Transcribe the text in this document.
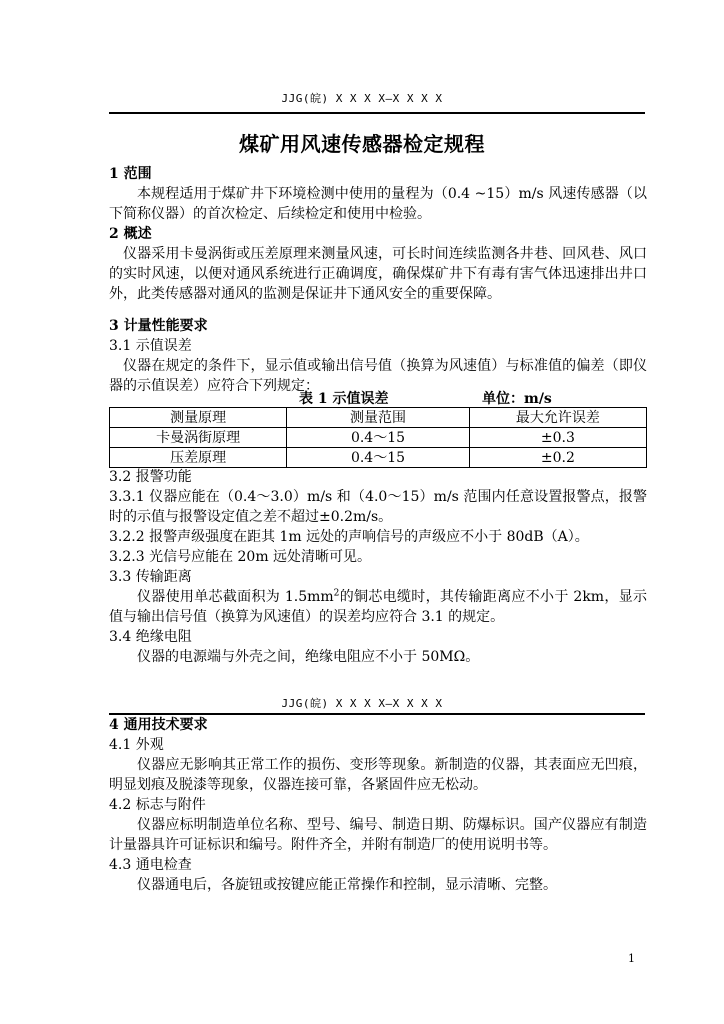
JJG(皖) X X X X—X X X X
煤矿用风速传感器检定规程
1 范围
本规程适用于煤矿井下环境检测中使用的量程为（0.4 ~15）m/s 风速传感器（以下简称仪器）的首次检定、后续检定和使用中检验。
2 概述
仪器采用卡曼涡街或压差原理来测量风速，可长时间连续监测各井巷、回风巷、风口的实时风速，以便对通风系统进行正确调度，确保煤矿井下有毒有害气体迅速排出井口外，此类传感器对通风的监测是保证井下通风安全的重要保障。
3 计量性能要求
3.1 示值误差
仪器在规定的条件下，显示值或输出信号值（换算为风速值）与标准值的偏差（即仪器的示值误差）应符合下列规定：
表 1 示值误差	单位：m/s
测量原理	测量范围	最大允许误差
卡曼涡街原理	0.4～15	±0.3
压差原理	0.4～15	±0.2
3.2 报警功能
3.3.1 仪器应能在（0.4～3.0）m/s 和（4.0～15）m/s 范围内任意设置报警点，报警时的示值与报警设定值之差不超过±0.2m/s。
3.2.2 报警声级强度在距其 1m 远处的声响信号的声级应不小于 80dB（A）。
3.2.3 光信号应能在 20m 远处清晰可见。
3.3 传输距离
仪器使用单芯截面积为 $1.5mm^2$的铜芯电缆时，其传输距离应不小于 2km，显示值与输出信号值（换算为风速值）的误差均应符合 3.1 的规定。
3.4 绝缘电阻
仪器的电源端与外壳之间，绝缘电阻应不小于 50MΩ。
JJG(皖) X X X X—X X X X
4 通用技术要求
4.1 外观
仪器应无影响其正常工作的损伤、变形等现象。新制造的仪器，其表面应无凹痕，明显划痕及脱漆等现象，仪器连接可靠，各紧固件应无松动。
4.2 标志与附件
仪器应标明制造单位名称、型号、编号、制造日期、防爆标识。国产仪器应有制造计量器具许可证标识和编号。附件齐全，并附有制造厂的使用说明书等。
4.3 通电检查
仪器通电后，各旋钮或按键应能正常操作和控制，显示清晰、完整。
1
